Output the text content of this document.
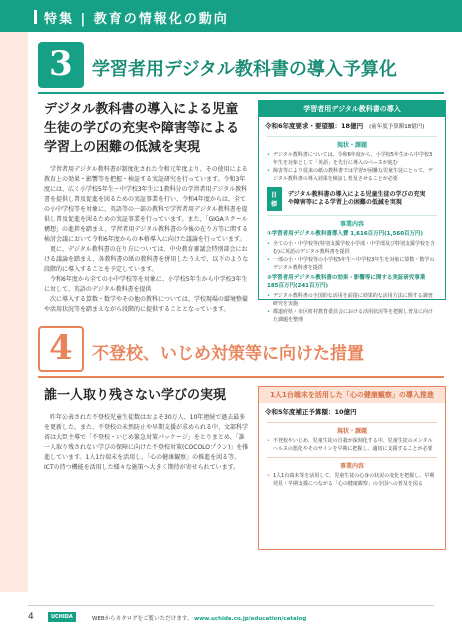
特集 | 教育の情報化の動向
3 学習者用デジタル教科書の導入予算化
デジタル教科書の導入による児童生徒の学びの充実や障害等による学習上の困難の低減を実現

学習者用デジタル教科書が制度化された令和元年度より、その使用による教育上の効果・影響等を把握・検証する実証研究を行っています。令和3年度には、広く小学校5年生〜中学校3年生に1教科分の学習者用デジタル教科書を提供し普及促進を図るための実証事業を行い、令和4年度からは、全ての小中学校等を対象に、英語等の一部の教科で学習者用デジタル教科書を提供し普及促進を図るための実証事業を行っています。また、「GIGAスクール構想」の進捗を踏まえ、学習者用デジタル教科書の今後の在り方等に関する検討会議において令和6年度からの本格導入に向けた議論を行っています。

更に、デジタル教科書の在り方については、中央教育審議会特別部会における議論を踏まえ、各教科書の紙の教科書を併用したうえで、以下のような段階的に導入することを予定しています。

令和6年度から全ての小中学校等を対象に、小学校5年生から中学校3年生に対して、英語のデジタル教科書を提供

次に導入する算数・数学やその他の教科については、学校現場の環境整備や活用状況等を踏まえながら段階的に提供することとなっています。

学習者用デジタル教科書の導入
令和6年度要求・要望額：18億円 (前年度予算額18億円)
現状・課題
• デジタル教科書については、令和6年度から、小学校5年生から中学校3年生を対象として「英語」を先行に導入のペースが進む
• 障害等により従来の紙の教科書では学習が困難な児童生徒にとって、デジタル教科書の導入効果を検証し普及させることが必要
目標
デジタル教科書の導入による児童生徒の学びの充実や障害等による学習上の困難の低減を実現
事業内容
①学習者用デジタル教科書導入費 1,616百万円(1,560百万円)
• 全ての小・中学校等(特別支援学校小学部・中学部及び特別支援学校を含む)に英語のデジタル教科書を提供
• 一部の小・中学校等の小学校5年生〜中学校3年生を対象に算数・数学のデジタル教科書を提供
②学習者用デジタル教科書の効果・影響等に関する実証研究事業 185百万円(241百万円)
• デジタル教科書の全国的な活用を前提に効果的な活用方法に関する調査研究を実施
• 都道府県・市区町村教育委員会における活用状況等を把握し普及に向けた課題を整理
4 不登校、いじめ対策等に向けた措置
誰一人取り残さない学びの実現

昨年公表された不登校児童生徒数はおよそ30万人、10年連続で過去最多を更新した。また、不登校の未然防止や早期支援が求められる中、文部科学省は大臣主導で「不登校・いじめ緊急対策パッケージ」をとりまとめ、「誰一人取り残されない学びの保障に向けた不登校対策(COCOLOプラン)」を推進しています。1人1台端末を活用し、「心の健康観察」の推進を図る等、ICTの持つ機能を活用した様々な施策へ大きく期待が寄せられています。

1人1台端末を活用した「心の健康観察」の導入推進
令和5年度補正予算額：10億円
現状・課題
• 不登校やいじめ、児童生徒の自殺が深刻化する中、児童生徒のメンタルヘルスの悪化やそのサインを早期に把握し、適切に支援することが必要
事業内容
• 1人1台端末等を活用して、児童生徒の心身の状況の変化を把握し、早期発見・早期支援につながる「心の健康観察」の全国への普及を図る
4	UCHIDA	WEBからカタログをご覧いただけます。 www.uchida.co.jp/education/catalog
